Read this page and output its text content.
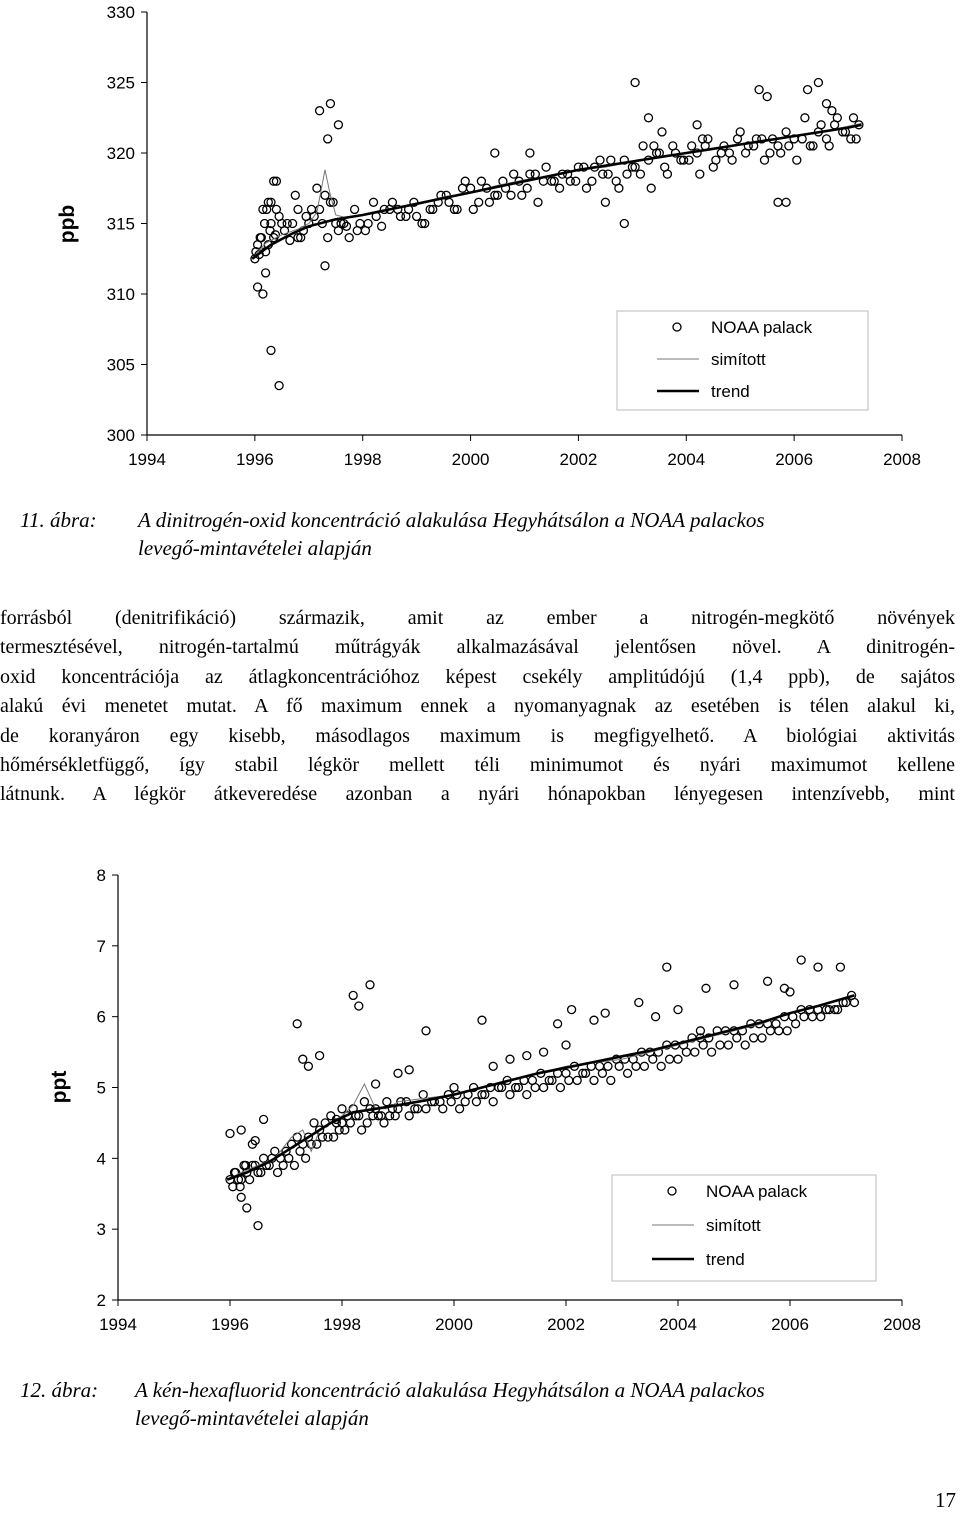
300
305
310
315
320
325
330
1994	1996	1998	2000	2002	2004	2006	2008
ppb
NOAA palack
simított
trend
11. ábra: A dinitrogén-oxid koncentráció alakulása Hegyhátsálon a NOAA palackos
levegő-mintavételei alapján
forrásból (denitrifikáció) származik, amit az ember a nitrogén-megkötő növények
termesztésével, nitrogén-tartalmú műtrágyák alkalmazásával jelentősen növel. A dinitrogén-
oxid koncentrációja az átlagkoncentrációhoz képest csekély amplitúdójú (1,4 ppb), de sajátos
alakú évi menetet mutat. A fő maximum ennek a nyomanyagnak az esetében is télen alakul ki,
de koranyáron egy kisebb, másodlagos maximum is megfigyelhető. A biológiai aktivitás
hőmérsékletfüggő, így stabil légkör mellett téli minimumot és nyári maximumot kellene
látnunk. A légkör átkeveredése azonban a nyári hónapokban lényegesen intenzívebb, mint
2
3
4
5
6
7
8
1994	1996	1998	2000	2002	2004	2006	2008
ppt
NOAA palack
simított
trend
12. ábra: A kén-hexafluorid koncentráció alakulása Hegyhátsálon a NOAA palackos
levegő-mintavételei alapján
17
